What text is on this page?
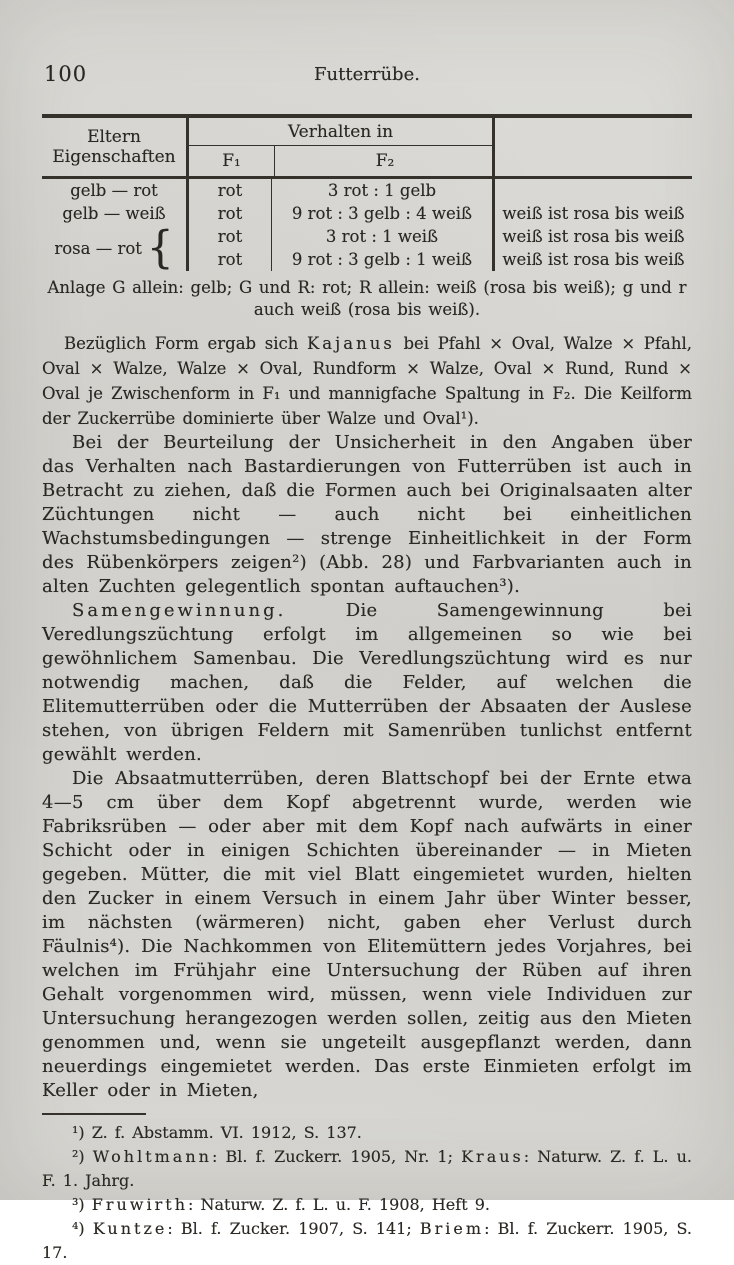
100	Futterrübe.
Eltern
Eigenschaften
Verhalten in
F₁	F₂
gelb — rot	rot	3 rot : 1 gelb
gelb — weiß	rot	9 rot : 3 gelb : 4 weiß	weiß ist rosa bis weiß
rosa — rot {	rot	3 rot : 1 weiß	weiß ist rosa bis weiß
rot	9 rot : 3 gelb : 1 weiß	weiß ist rosa bis weiß

Anlage G allein: gelb; G und R: rot; R allein: weiß (rosa bis weiß); g und r auch weiß (rosa bis weiß).

Bezüglich Form ergab sich Kajanus bei Pfahl × Oval, Walze × Pfahl, Oval × Walze, Walze × Oval, Rundform × Walze, Oval × Rund, Rund × Oval je Zwischenform in F₁ und mannigfache Spaltung in F₂. Die Keilform der Zuckerrübe dominierte über Walze und Oval¹).

Bei der Beurteilung der Unsicherheit in den Angaben über das Verhalten nach Bastardierungen von Futterrüben ist auch in Betracht zu ziehen, daß die Formen auch bei Originalsaaten alter Züchtungen nicht — auch nicht bei einheitlichen Wachstumsbedingungen — strenge Einheitlichkeit in der Form des Rübenkörpers zeigen²) (Abb. 28) und Farbvarianten auch in alten Zuchten gelegentlich spontan auftauchen³).

Samengewinnung. Die Samengewinnung bei Veredlungszüchtung erfolgt im allgemeinen so wie bei gewöhnlichem Samenbau. Die Veredlungszüchtung wird es nur notwendig machen, daß die Felder, auf welchen die Elitemutterrüben oder die Mutterrüben der Absaaten der Auslese stehen, von übrigen Feldern mit Samenrüben tunlichst entfernt gewählt werden.

Die Absaatmutterrüben, deren Blattschopf bei der Ernte etwa 4—5 cm über dem Kopf abgetrennt wurde, werden wie Fabriksrüben — oder aber mit dem Kopf nach aufwärts in einer Schicht oder in einigen Schichten übereinander — in Mieten gegeben. Mütter, die mit viel Blatt eingemietet wurden, hielten den Zucker in einem Versuch in einem Jahr über Winter besser, im nächsten (wärmeren) nicht, gaben eher Verlust durch Fäulnis⁴). Die Nachkommen von Elitemüttern jedes Vorjahres, bei welchen im Frühjahr eine Untersuchung der Rüben auf ihren Gehalt vorgenommen wird, müssen, wenn viele Individuen zur Untersuchung herangezogen werden sollen, zeitig aus den Mieten genommen und, wenn sie ungeteilt ausgepflanzt werden, dann neuerdings eingemietet werden. Das erste Einmieten erfolgt im Keller oder in Mieten,

¹) Z. f. Abstamm. VI. 1912, S. 137.

²) Wohltmann: Bl. f. Zuckerr. 1905, Nr. 1; Kraus: Naturw. Z. f. L. u. F. 1. Jahrg.

³) Fruwirth: Naturw. Z. f. L. u. F. 1908, Heft 9.

⁴) Kuntze: Bl. f. Zucker. 1907, S. 141; Briem: Bl. f. Zuckerr. 1905, S. 17.
